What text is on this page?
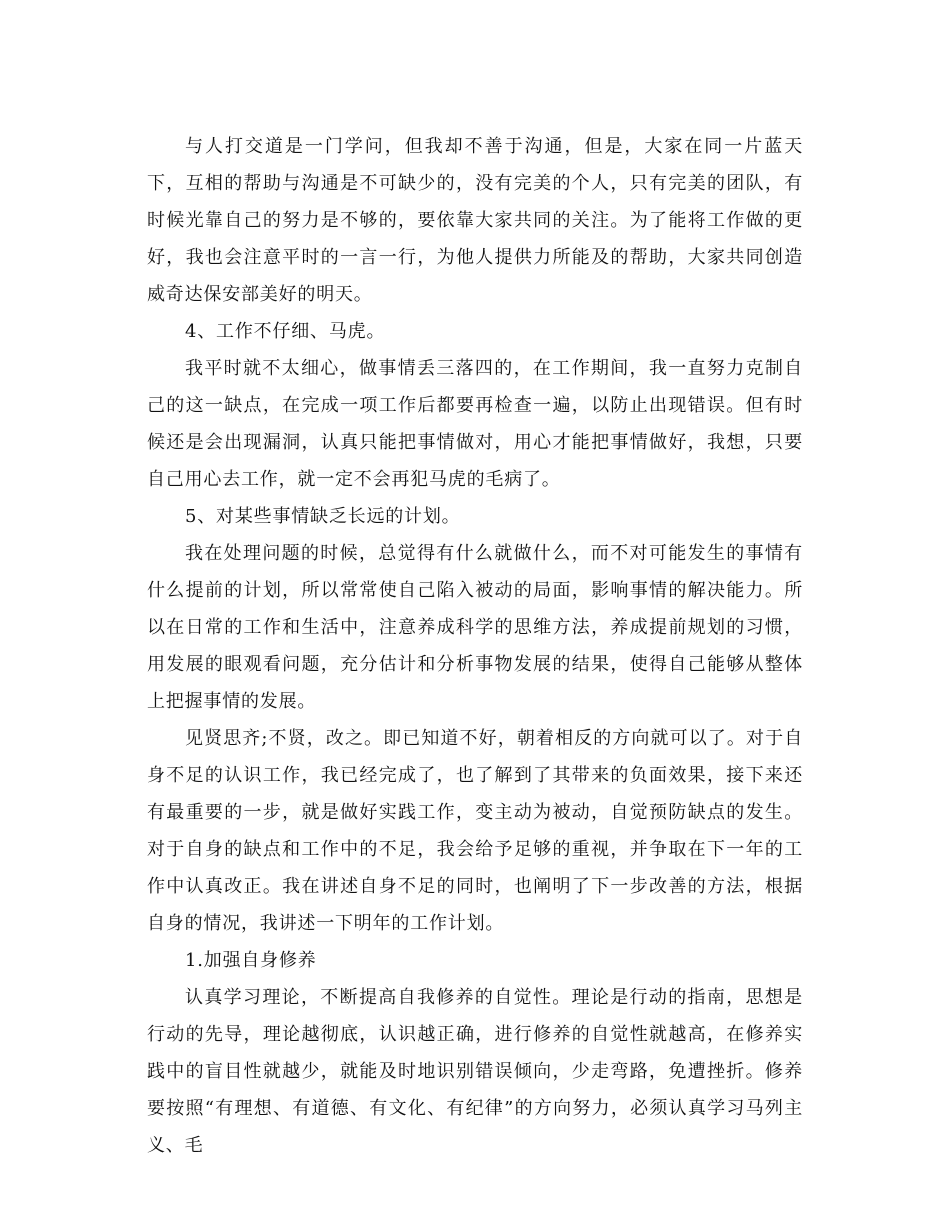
与人打交道是一门学问，但我却不善于沟通，但是，大家在同一片蓝天下，互相的帮助与沟通是不可缺少的，没有完美的个人，只有完美的团队，有时候光靠自己的努力是不够的，要依靠大家共同的关注。为了能将工作做的更好，我也会注意平时的一言一行，为他人提供力所能及的帮助，大家共同创造威奇达保安部美好的明天。

4、工作不仔细、马虎。

我平时就不太细心，做事情丢三落四的，在工作期间，我一直努力克制自己的这一缺点，在完成一项工作后都要再检查一遍，以防止出现错误。但有时候还是会出现漏洞，认真只能把事情做对，用心才能把事情做好，我想，只要自己用心去工作，就一定不会再犯马虎的毛病了。

5、对某些事情缺乏长远的计划。

我在处理问题的时候，总觉得有什么就做什么，而不对可能发生的事情有什么提前的计划，所以常常使自己陷入被动的局面，影响事情的解决能力。所以在日常的工作和生活中，注意养成科学的思维方法，养成提前规划的习惯，用发展的眼观看问题，充分估计和分析事物发展的结果，使得自己能够从整体上把握事情的发展。

见贤思齐;不贤，改之。即已知道不好，朝着相反的方向就可以了。对于自身不足的认识工作，我已经完成了，也了解到了其带来的负面效果，接下来还有最重要的一步，就是做好实践工作，变主动为被动，自觉预防缺点的发生。对于自身的缺点和工作中的不足，我会给予足够的重视，并争取在下一年的工作中认真改正。我在讲述自身不足的同时，也阐明了下一步改善的方法，根据自身的情况，我讲述一下明年的工作计划。

1.加强自身修养

认真学习理论，不断提高自我修养的自觉性。理论是行动的指南，思想是行动的先导，理论越彻底，认识越正确，进行修养的自觉性就越高，在修养实践中的盲目性就越少，就能及时地识别错误倾向，少走弯路，免遭挫折。修养要按照“有理想、有道德、有文化、有纪律”的方向努力，必须认真学习马列主义、毛
